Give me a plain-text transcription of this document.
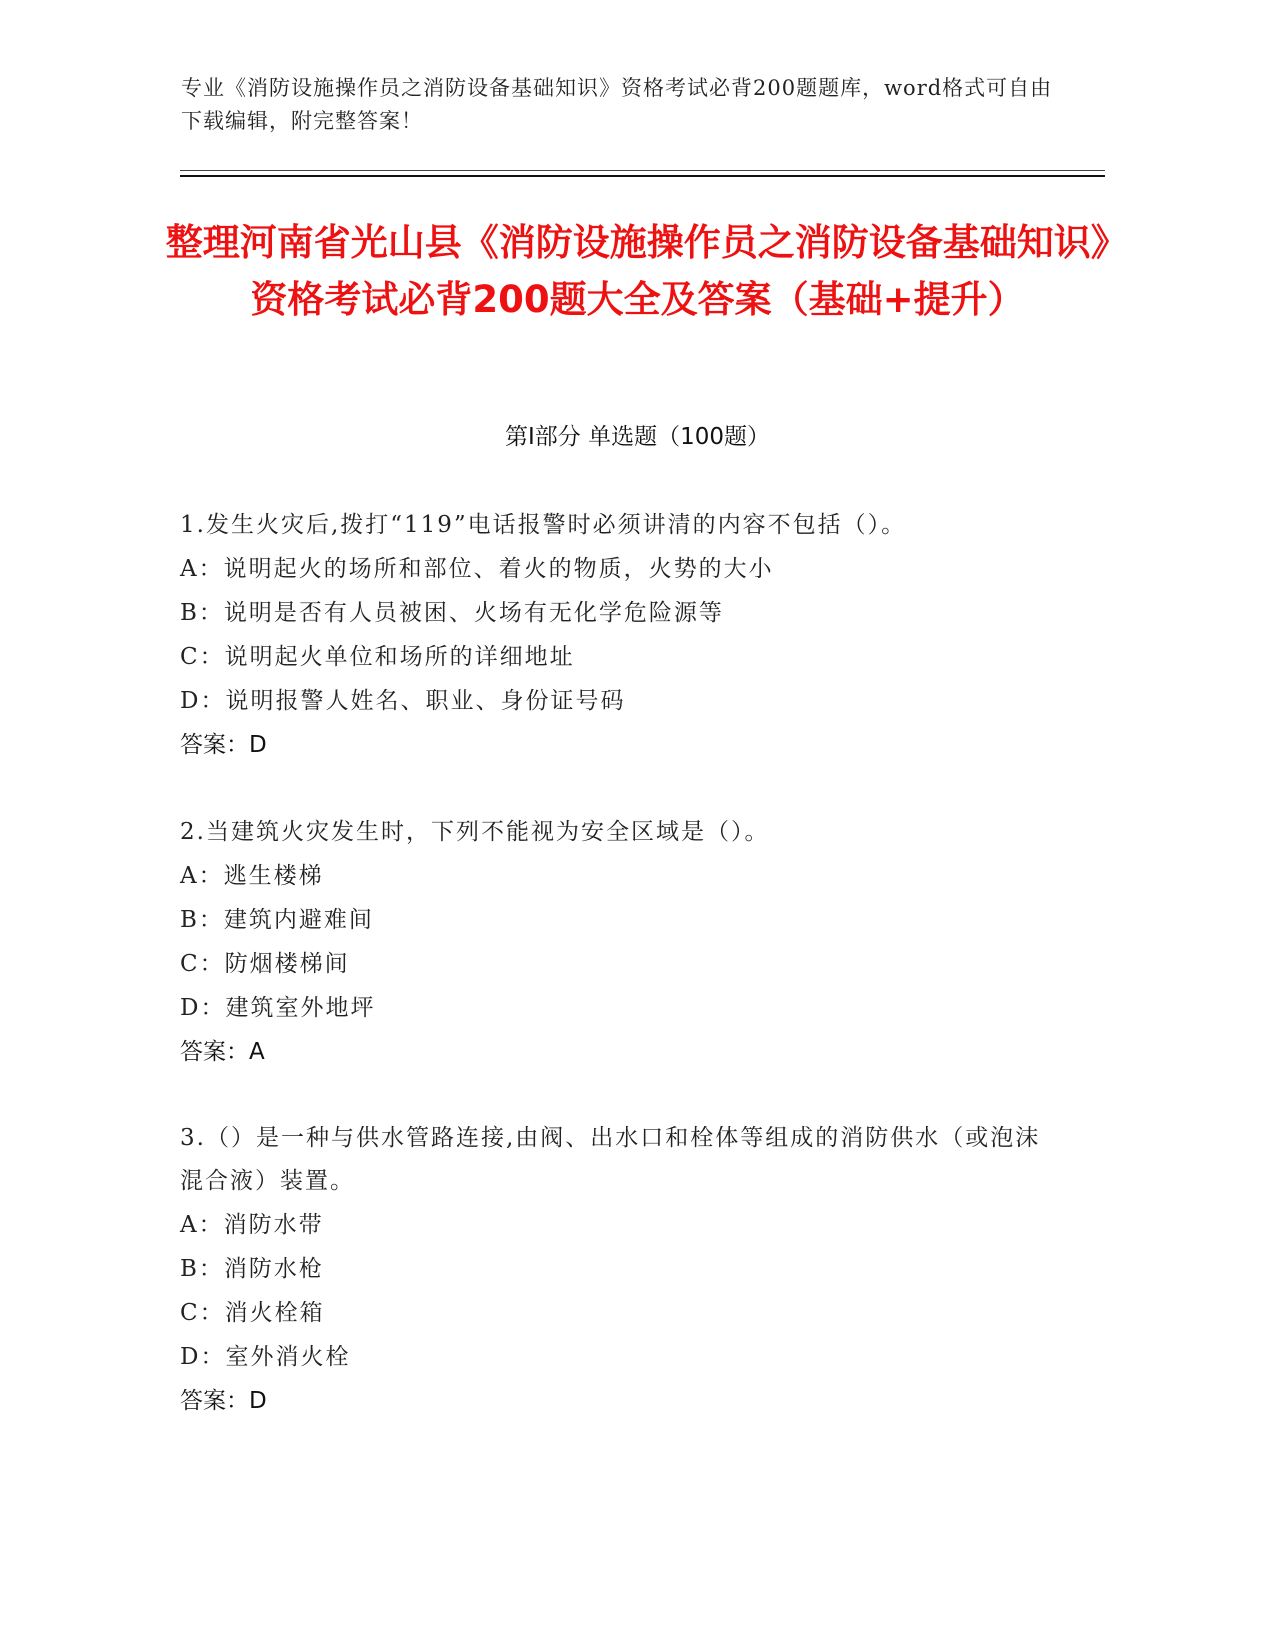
专业《消防设施操作员之消防设备基础知识》资格考试必背200题题库，word格式可自由下载编辑，附完整答案！
整理河南省光山县《消防设施操作员之消防设备基础知识》资格考试必背200题大全及答案（基础+提升）
第I部分 单选题（100题）
1.发生火灾后,拨打“119”电话报警时必须讲清的内容不包括（）。
A：说明起火的场所和部位、着火的物质，火势的大小
B：说明是否有人员被困、火场有无化学危险源等
C：说明起火单位和场所的详细地址
D：说明报警人姓名、职业、身份证号码
答案：D
2.当建筑火灾发生时，下列不能视为安全区域是（）。
A：逃生楼梯
B：建筑内避难间
C：防烟楼梯间
D：建筑室外地坪
答案：A
3.（）是一种与供水管路连接,由阀、出水口和栓体等组成的消防供水（或泡沫混合液）装置。
A：消防水带
B：消防水枪
C：消火栓箱
D：室外消火栓
答案：D
